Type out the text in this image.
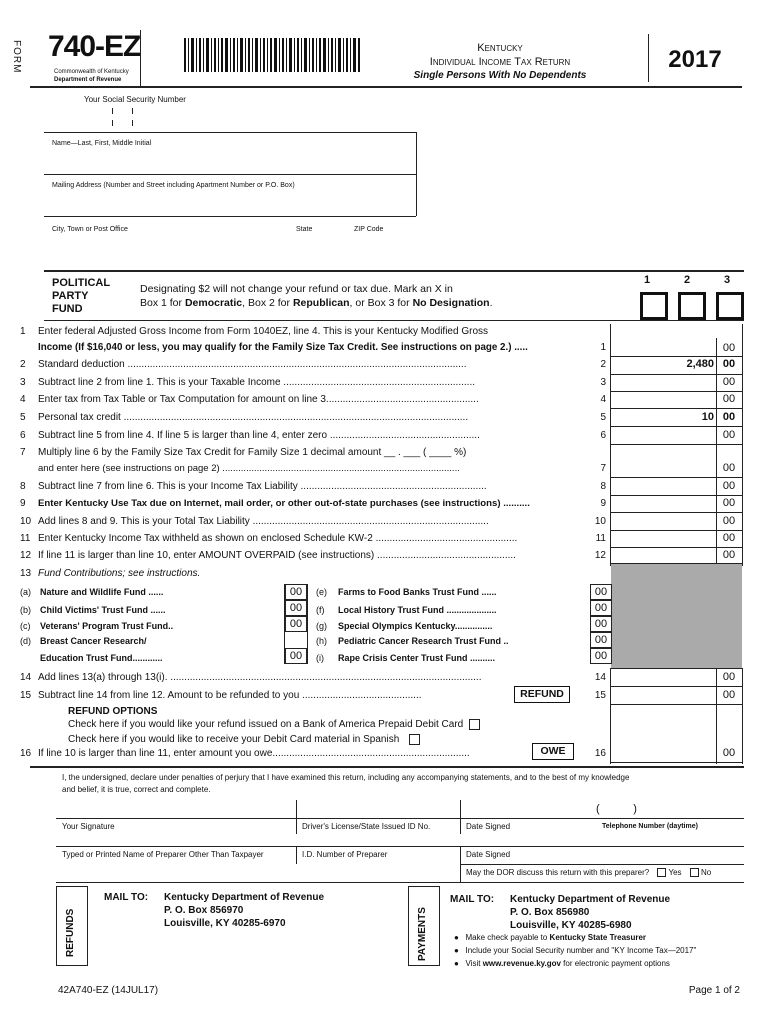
FORM 740-EZ
Commonwealth of Kentucky
Department of Revenue
Kentucky
Individual Income Tax Return
Single Persons With No Dependents
2017
Your Social Security Number
Name—Last, First, Middle Initial
Mailing Address (Number and Street including Apartment Number or P.O. Box)
City, Town or Post Office	State	ZIP Code
POLITICAL
PARTY
FUND
Designating $2 will not change your refund or tax due. Mark an X in
Box 1 for Democratic, Box 2 for Republican, or Box 3 for No Designation.
1	2	3
1	Enter federal Adjusted Gross Income from Form 1040EZ, line 4. This is your Kentucky Modified Gross
Income (If $16,040 or less, you may qualify for the Family Size Tax Credit. See instructions on page 2.) .....	1	00
2	Standard deduction ..........................................................................................................................	2	2,480 00
3	Subtract line 2 from line 1. This is your Taxable Income .....................................................................	3	00
4	Enter tax from Tax Table or Tax Computation for amount on line 3.......................................................	4	00
5	Personal tax credit ............................................................................................................................	5	10 00
6	Subtract line 5 from line 4. If line 5 is larger than line 4, enter zero ......................................................	6	00
7	Multiply line 6 by the Family Size Tax Credit for Family Size 1 decimal amount __ . ___ ( ____ %)
and enter here (see instructions on page 2) ..........................................................................................	7	00
8	Subtract line 7 from line 6. This is your Income Tax Liability ...................................................................	8	00
9	Enter Kentucky Use Tax due on Internet, mail order, or other out-of-state purchases (see instructions) ..........	9	00
10 Add lines 8 and 9. This is your Total Tax Liability .....................................................................................	10	00
11 Enter Kentucky Income Tax withheld as shown on enclosed Schedule KW-2 ...................................................	11	00
12 If line 11 is larger than line 10, enter AMOUNT OVERPAID (see instructions) ..................................................	12	00
13 Fund Contributions; see instructions.
(a) Nature and Wildlife Fund ......	00
(b) Child Victims' Trust Fund ......	00
(c) Veterans' Program Trust Fund..	00
(d) Breast Cancer Research/
Education Trust Fund............	00
(e) Farms to Food Banks Trust Fund ......	00
(f) Local History Trust Fund ....................	00
(g) Special Olympics Kentucky...............	00
(h) Pediatric Cancer Research Trust Fund ..	00
(i) Rape Crisis Center Trust Fund ..........	00
14 Add lines 13(a) through 13(i). ................................................................................................................	14	00
15 Subtract line 14 from line 12. Amount to be refunded to you ...........................................	REFUND	15	00
REFUND OPTIONS
Check here if you would like your refund issued on a Bank of America Prepaid Debit Card
Check here if you would like to receive your Debit Card material in Spanish
16 If line 10 is larger than line 11, enter amount you owe.......................................................................	OWE	16	00
I, the undersigned, declare under penalties of perjury that I have examined this return, including any accompanying statements, and to the best of my knowledge
and belief, it is true, correct and complete.
(           )
Your Signature	Driver's License/State Issued ID No.	Date Signed	Telephone Number (daytime)
Typed or Printed Name of Preparer Other Than Taxpayer	I.D. Number of Preparer	Date Signed
May the DOR discuss this return with this preparer? Yes No
REFUNDS
MAIL TO: Kentucky Department of Revenue
P. O. Box 856970
Louisville, KY 40285-6970	PAYMENTS
MAIL TO: Kentucky Department of Revenue
P. O. Box 856980
Louisville, KY 40285-6980
●   Make check payable to Kentucky State Treasurer
●   Include your Social Security number and "KY Income Tax—2017"
●   Visit www.revenue.ky.gov for electronic payment options
42A740-EZ (14JUL17)	Page 1 of 2
